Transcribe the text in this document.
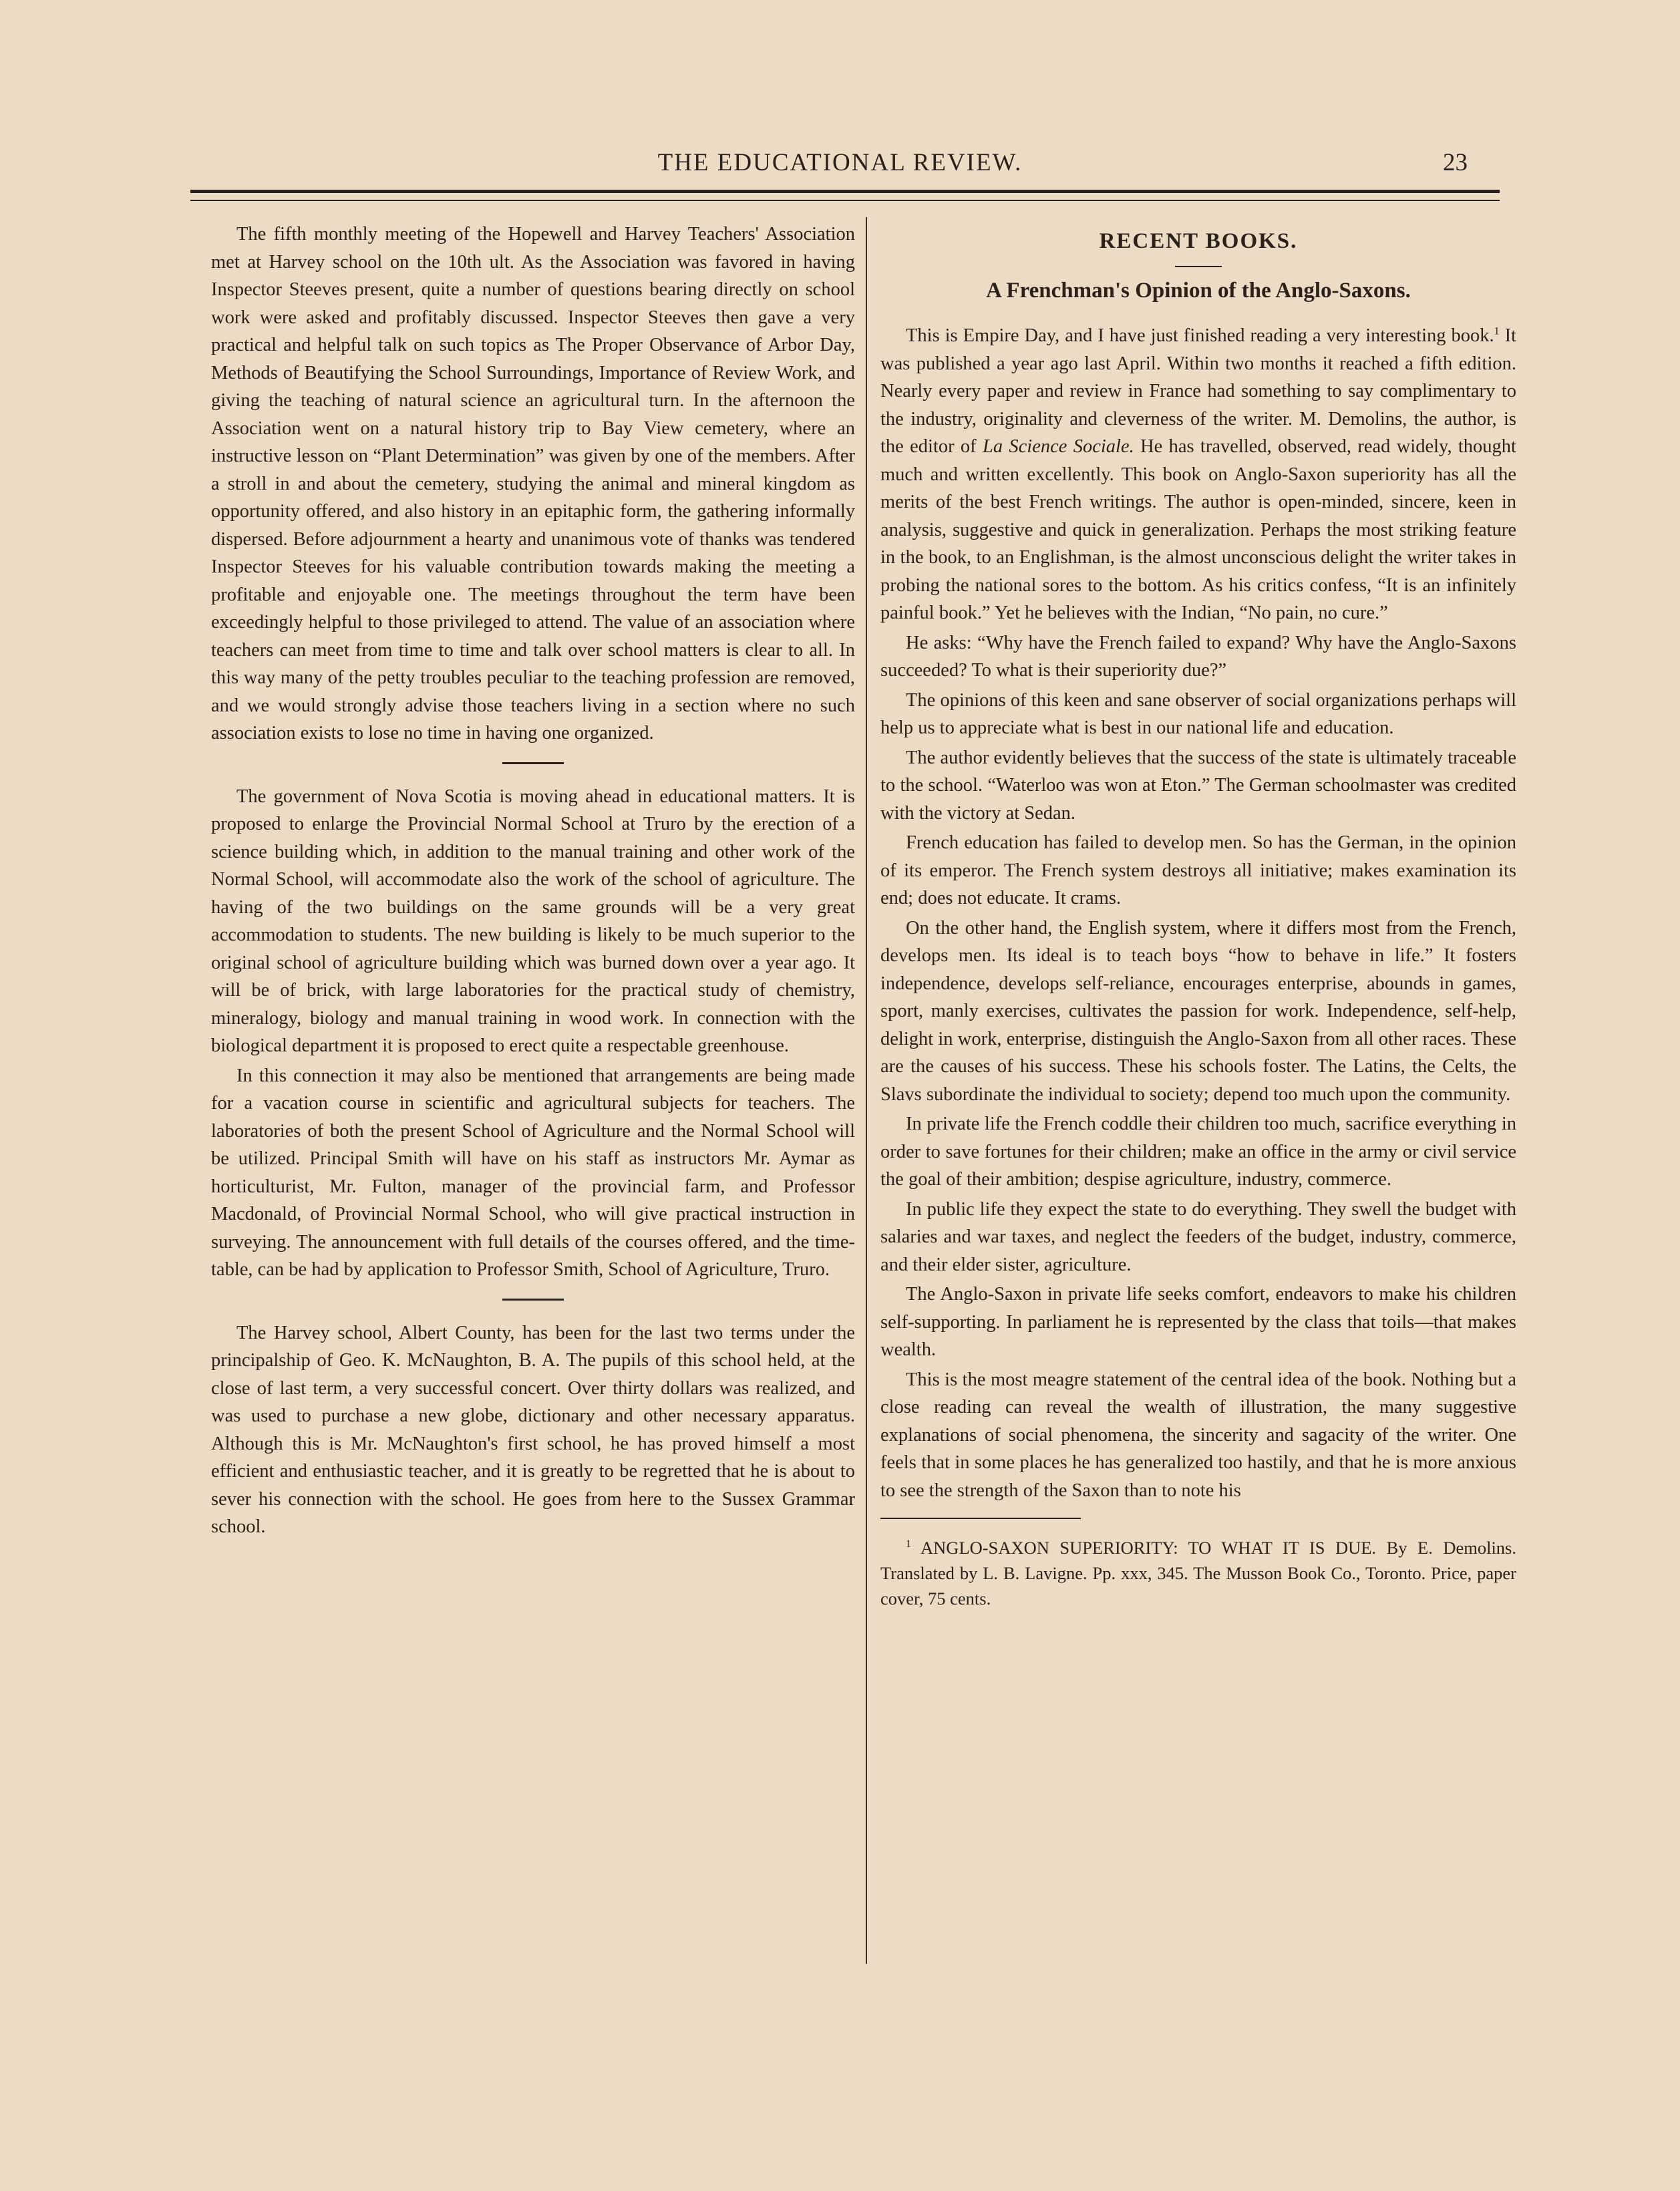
THE EDUCATIONAL REVIEW.	23

The fifth monthly meeting of the Hopewell and Harvey Teachers' Association met at Harvey school on the 10th ult. As the Association was favored in having Inspector Steeves present, quite a number of questions bearing directly on school work were asked and profitably discussed. Inspector Steeves then gave a very practical and helpful talk on such topics as The Proper Observance of Arbor Day, Methods of Beautifying the School Surroundings, Importance of Review Work, and giving the teaching of natural science an agricultural turn. In the afternoon the Association went on a natural history trip to Bay View cemetery, where an instructive lesson on “Plant Determination” was given by one of the members. After a stroll in and about the cemetery, studying the animal and mineral kingdom as opportunity offered, and also history in an epitaphic form, the gathering informally dispersed. Before adjournment a hearty and unanimous vote of thanks was tendered Inspector Steeves for his valuable contribution towards making the meeting a profitable and enjoyable one. The meetings throughout the term have been exceedingly helpful to those privileged to attend. The value of an association where teachers can meet from time to time and talk over school matters is clear to all. In this way many of the petty troubles peculiar to the teaching profession are removed, and we would strongly advise those teachers living in a section where no such association exists to lose no time in having one organized.

The government of Nova Scotia is moving ahead in educational matters. It is proposed to enlarge the Provincial Normal School at Truro by the erection of a science building which, in addition to the manual training and other work of the Normal School, will accommodate also the work of the school of agriculture. The having of the two buildings on the same grounds will be a very great accommodation to students. The new building is likely to be much superior to the original school of agriculture building which was burned down over a year ago. It will be of brick, with large laboratories for the practical study of chemistry, mineralogy, biology and manual training in wood work. In connection with the biological department it is proposed to erect quite a respectable greenhouse.

In this connection it may also be mentioned that arrangements are being made for a vacation course in scientific and agricultural subjects for teachers. The laboratories of both the present School of Agriculture and the Normal School will be utilized. Principal Smith will have on his staff as instructors Mr. Aymar as horticulturist, Mr. Fulton, manager of the provincial farm, and Professor Macdonald, of Provincial Normal School, who will give practical instruction in surveying. The announcement with full details of the courses offered, and the time-table, can be had by application to Professor Smith, School of Agriculture, Truro.

The Harvey school, Albert County, has been for the last two terms under the principalship of Geo. K. McNaughton, B. A. The pupils of this school held, at the close of last term, a very successful concert. Over thirty dollars was realized, and was used to purchase a new globe, dictionary and other necessary apparatus. Although this is Mr. McNaughton's first school, he has proved himself a most efficient and enthusiastic teacher, and it is greatly to be regretted that he is about to sever his connection with the school. He goes from here to the Sussex Grammar school.

RECENT BOOKS.
A Frenchman's Opinion of the Anglo-Saxons.

This is Empire Day, and I have just finished reading a very interesting book.$^1$ It was published a year ago last April. Within two months it reached a fifth edition. Nearly every paper and review in France had something to say complimentary to the industry, originality and cleverness of the writer. M. Demolins, the author, is the editor of La Science Sociale. He has travelled, observed, read widely, thought much and written excellently. This book on Anglo-Saxon superiority has all the merits of the best French writings. The author is open-minded, sincere, keen in analysis, suggestive and quick in generalization. Perhaps the most striking feature in the book, to an Englishman, is the almost unconscious delight the writer takes in probing the national sores to the bottom. As his critics confess, “It is an infinitely painful book.” Yet he believes with the Indian, “No pain, no cure.”

He asks: “Why have the French failed to expand? Why have the Anglo-Saxons succeeded? To what is their superiority due?”

The opinions of this keen and sane observer of social organizations perhaps will help us to appreciate what is best in our national life and education.

The author evidently believes that the success of the state is ultimately traceable to the school. “Waterloo was won at Eton.” The German schoolmaster was credited with the victory at Sedan.

French education has failed to develop men. So has the German, in the opinion of its emperor. The French system destroys all initiative; makes examination its end; does not educate. It crams.

On the other hand, the English system, where it differs most from the French, develops men. Its ideal is to teach boys “how to behave in life.” It fosters independence, develops self-reliance, encourages enterprise, abounds in games, sport, manly exercises, cultivates the passion for work. Independence, self-help, delight in work, enterprise, distinguish the Anglo-Saxon from all other races. These are the causes of his success. These his schools foster. The Latins, the Celts, the Slavs subordinate the individual to society; depend too much upon the community.

In private life the French coddle their children too much, sacrifice everything in order to save fortunes for their children; make an office in the army or civil service the goal of their ambition; despise agriculture, industry, commerce.

In public life they expect the state to do everything. They swell the budget with salaries and war taxes, and neglect the feeders of the budget, industry, commerce, and their elder sister, agriculture.

The Anglo-Saxon in private life seeks comfort, endeavors to make his children self-supporting. In parliament he is represented by the class that toils—that makes wealth.

This is the most meagre statement of the central idea of the book. Nothing but a close reading can reveal the wealth of illustration, the many suggestive explanations of social phenomena, the sincerity and sagacity of the writer. One feels that in some places he has generalized too hastily, and that he is more anxious to see the strength of the Saxon than to note his

$^1$ ANGLO-SAXON SUPERIORITY: TO WHAT IT IS DUE. By E. Demolins. Translated by L. B. Lavigne. Pp. xxx, 345. The Musson Book Co., Toronto. Price, paper cover, 75 cents.
